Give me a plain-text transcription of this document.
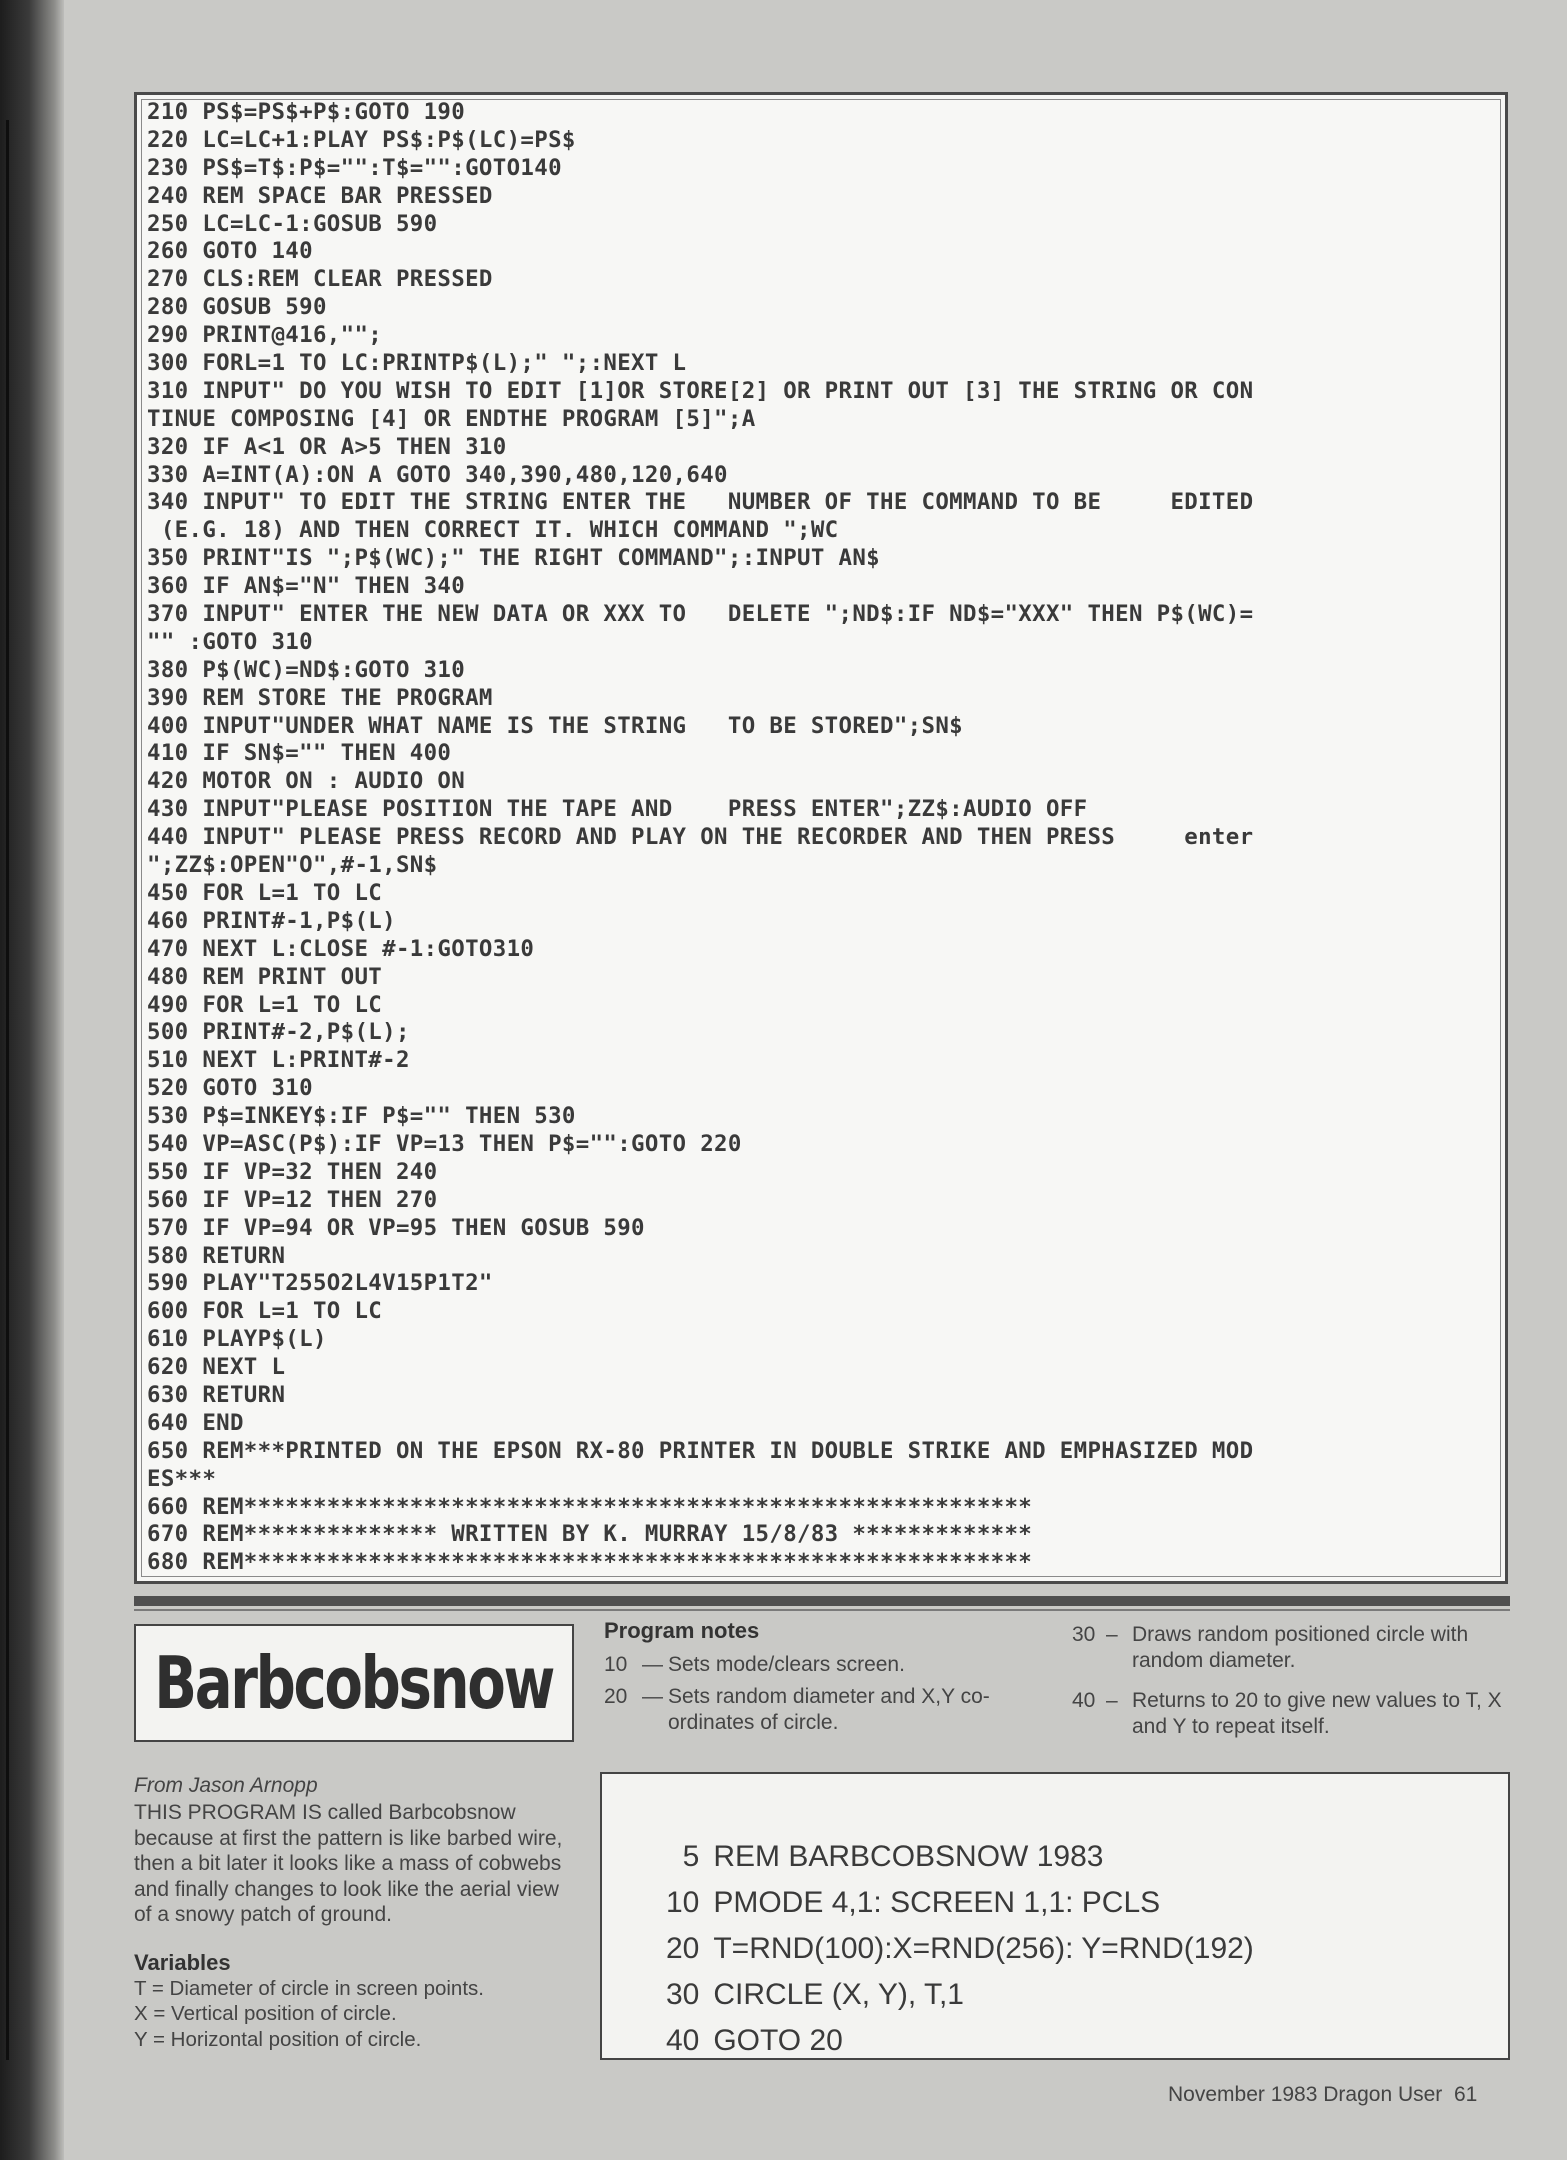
210 PS$=PS$+P$:GOTO 190
220 LC=LC+1:PLAY PS$:P$(LC)=PS$
230 PS$=T$:P$="":T$="":GOTO140
240 REM SPACE BAR PRESSED
250 LC=LC-1:GOSUB 590
260 GOTO 140
270 CLS:REM CLEAR PRESSED
280 GOSUB 590
290 PRINT@416,"";
300 FORL=1 TO LC:PRINTP$(L);" ";:NEXT L
310 INPUT" DO YOU WISH TO EDIT [1]OR STORE[2] OR PRINT OUT [3] THE STRING OR CON
TINUE COMPOSING [4] OR ENDTHE PROGRAM [5]";A
320 IF A<1 OR A>5 THEN 310
330 A=INT(A):ON A GOTO 340,390,480,120,640
340 INPUT" TO EDIT THE STRING ENTER THE   NUMBER OF THE COMMAND TO BE     EDITED
(E.G. 18) AND THEN CORRECT IT. WHICH COMMAND ";WC
350 PRINT"IS ";P$(WC);" THE RIGHT COMMAND";:INPUT AN$
360 IF AN$="N" THEN 340
370 INPUT" ENTER THE NEW DATA OR XXX TO   DELETE ";ND$:IF ND$="XXX" THEN P$(WC)=
"" :GOTO 310
380 P$(WC)=ND$:GOTO 310
390 REM STORE THE PROGRAM
400 INPUT"UNDER WHAT NAME IS THE STRING   TO BE STORED";SN$
410 IF SN$="" THEN 400
420 MOTOR ON : AUDIO ON
430 INPUT"PLEASE POSITION THE TAPE AND    PRESS ENTER";ZZ$:AUDIO OFF
440 INPUT" PLEASE PRESS RECORD AND PLAY ON THE RECORDER AND THEN PRESS     enter
";ZZ$:OPEN"O",#-1,SN$
450 FOR L=1 TO LC
460 PRINT#-1,P$(L)
470 NEXT L:CLOSE #-1:GOTO310
480 REM PRINT OUT
490 FOR L=1 TO LC
500 PRINT#-2,P$(L);
510 NEXT L:PRINT#-2
520 GOTO 310
530 P$=INKEY$:IF P$="" THEN 530
540 VP=ASC(P$):IF VP=13 THEN P$="":GOTO 220
550 IF VP=32 THEN 240
560 IF VP=12 THEN 270
570 IF VP=94 OR VP=95 THEN GOSUB 590
580 RETURN
590 PLAY"T255O2L4V15P1T2"
600 FOR L=1 TO LC
610 PLAYP$(L)
620 NEXT L
630 RETURN
640 END
650 REM***PRINTED ON THE EPSON RX-80 PRINTER IN DOUBLE STRIKE AND EMPHASIZED MOD
ES***
660 REM*********************************************************
670 REM************** WRITTEN BY K. MURRAY 15/8/83 *************
680 REM*********************************************************
Barbcobsnow
Program notes
10 — Sets mode/clears screen.
20 — Sets random diameter and X,Y co-ordinates of circle.
30 – Draws random positioned circle with random diameter.
40 – Returns to 20 to give new values to T, X and Y to repeat itself.
From Jason Arnopp
THIS PROGRAM IS called Barbcobsnow because at first the pattern is like barbed wire, then a bit later it looks like a mass of cobwebs and finally changes to look like the aerial view of a snowy patch of ground.
Variables
T = Diameter of circle in screen points.
X = Vertical position of circle.
Y = Horizontal position of circle.

5 REM BARBCOBSNOW 1983

10 PMODE 4,1: SCREEN 1,1: PCLS

20 T=RND(100):X=RND(256): Y=RND(192)

30 CIRCLE (X, Y), T,1

40 GOTO 20

November 1983 Dragon User  61
